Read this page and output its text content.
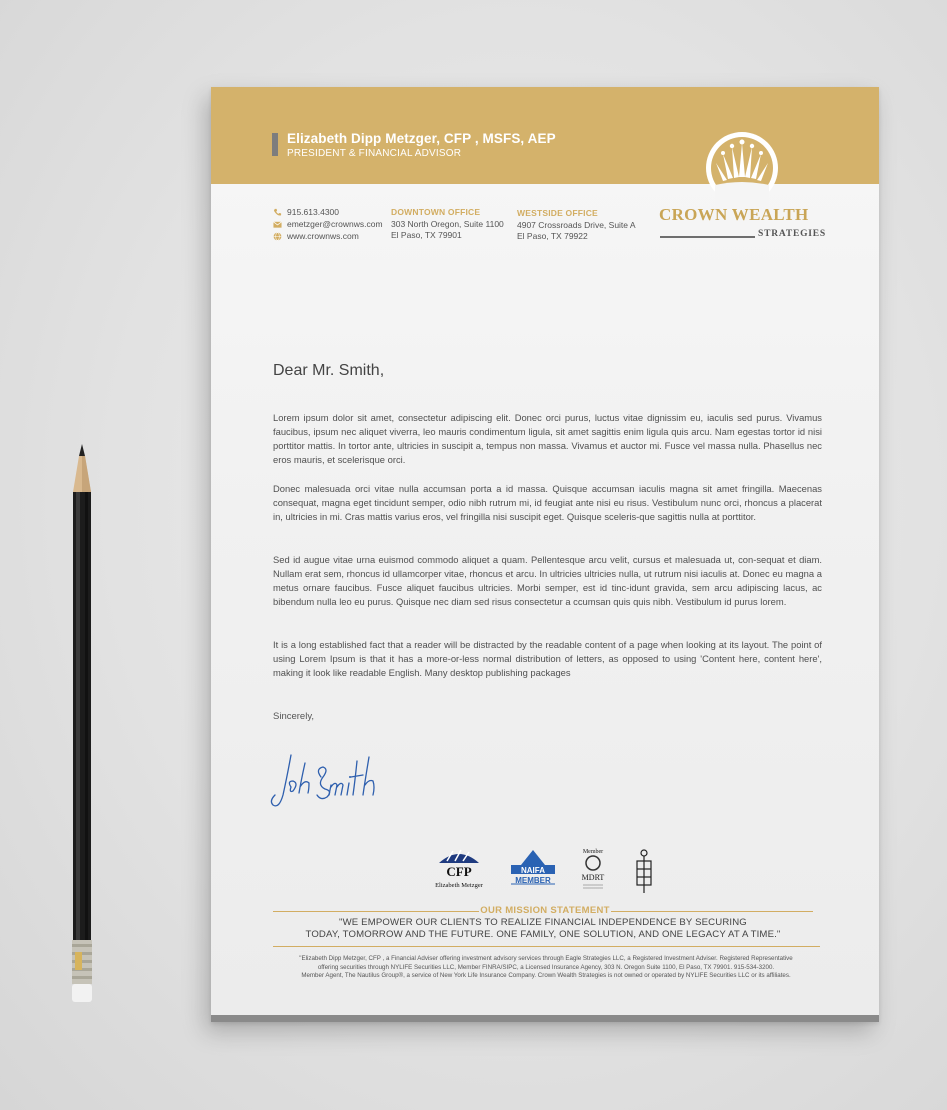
Elizabeth Dipp Metzger, CFP , MSFS, AEP
PRESIDENT & FINANCIAL ADVISOR
CROWN WEALTH
STRATEGIES
915.613.4300
emetzger@crownws.com
www.crownws.com
DOWNTOWN OFFICE
303 North Oregon, Suite 1100
El Paso, TX 79901
WESTSIDE OFFICE
4907 Crossroads Drive, Suite A
El Paso, TX 79922
Dear Mr. Smith,

Lorem ipsum dolor sit amet, consectetur adipiscing elit. Donec orci purus, luctus vitae dignissim eu, iaculis sed purus. Vivamus faucibus, ipsum nec aliquet viverra, leo mauris condimentum ligula, sit amet sagittis enim ligula quis arcu. Nam egestas tortor id nisi porttitor mattis. In tortor ante, ultricies in suscipit a, tempus non massa. Vivamus et auctor mi. Fusce vel massa nulla. Phasellus nec eros mauris, et scelerisque orci.

Donec malesuada orci vitae nulla accumsan porta a id massa. Quisque accumsan iaculis magna sit amet fringilla. Maecenas consequat, magna eget tincidunt semper, odio nibh rutrum mi, id feugiat ante nisi eu risus. Vestibulum nunc orci, rhoncus a placerat in, ultricies in mi. Cras mattis varius eros, vel fringilla nisi suscipit eget. Quisque sceleris-que sagittis nulla at porttitor.

Sed id augue vitae urna euismod commodo aliquet a quam. Pellentesque arcu velit, cursus et malesuada ut, con-sequat et diam. Nullam erat sem, rhoncus id ullamcorper vitae, rhoncus et arcu. In ultricies ultricies nulla, ut rutrum nisi iaculis at. Donec eu magna a metus ornare faucibus. Fusce aliquet faucibus ultricies. Morbi semper, est id tinc-idunt gravida, sem arcu adipiscing lacus, ac bibendum nulla leo eu purus. Quisque nec diam sed risus consectetur a ccumsan quis quis nibh. Vestibulum id purus lorem.

It is a long established fact that a reader will be distracted by the readable content of a page when looking at its layout. The point of using Lorem Ipsum is that it has a more-or-less normal distribution of letters, as opposed to using 'Content here, content here', making it look like readable English. Many desktop publishing packages

Sincerely,
CFP
Elizabeth Metzger
NAIFA
MEMBER
Member
MDRT
OUR MISSION STATEMENT
"WE EMPOWER OUR CLIENTS TO REALIZE FINANCIAL INDEPENDENCE BY SECURING
TODAY, TOMORROW AND THE FUTURE. ONE FAMILY, ONE SOLUTION, AND ONE LEGACY AT A TIME."
"Elizabeth Dipp Metzger, CFP , a Financial Adviser offering investment advisory services through Eagle Strategies LLC, a Registered Investment Adviser. Registered Representative
offering securities through NYLIFE Securities LLC, Member FINRA/SIPC, a Licensed Insurance Agency, 303 N. Oregon Suite 1100, El Paso, TX 79901. 915-534-3200.
Member Agent, The Nautilus Group®, a service of New York Life Insurance Company. Crown Wealth Strategies is not owned or operated by NYLIFE Securities LLC or its affiliates.
